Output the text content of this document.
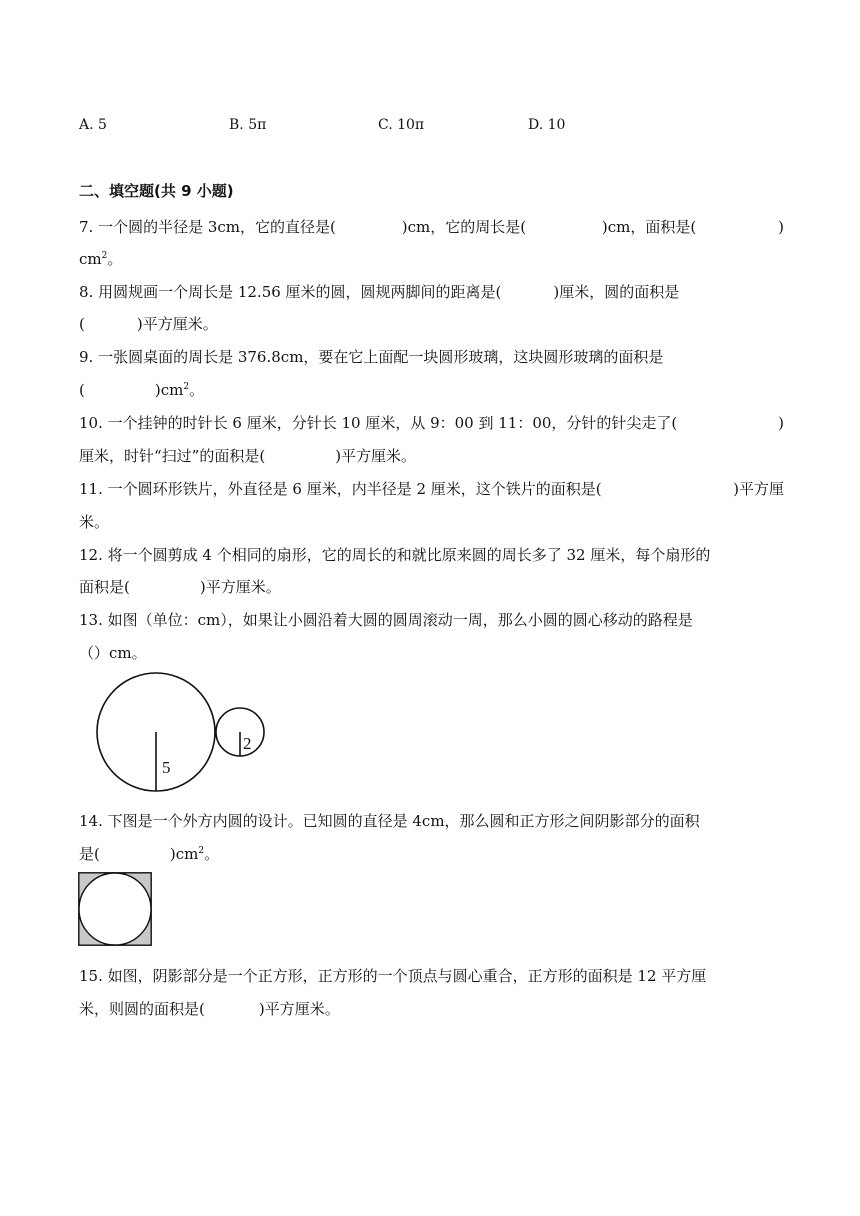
A. 5	B. 5π	C. 10π	D. 10
二、填空题(共 9 小题)
7. 一个圆的半径是 3cm，它的直径是(	)cm，它的周长是(	)cm，面积是(	)
$cm^2$。
8. 用圆规画一个周长是 12.56 厘米的圆，圆规两脚间的距离是(	)厘米，圆的面积是
(	)平方厘米。
9. 一张圆桌面的周长是 376.8cm，要在它上面配一块圆形玻璃，这块圆形玻璃的面积是
(	)$cm^2$。
10. 一个挂钟的时针长 6 厘米，分针长 10 厘米，从 9：00 到 11：00，分针的针尖走了(	)
厘米，时针“扫过”的面积是(	)平方厘米。
11. 一个圆环形铁片，外直径是 6 厘米，内半径是 2 厘米，这个铁片的面积是(	)平方厘
米。
12. 将一个圆剪成 4 个相同的扇形，它的周长的和就比原来圆的周长多了 32 厘米，每个扇形的
面积是(	)平方厘米。
13. 如图（单位：cm），如果让小圆沿着大圆的圆周滚动一周，那么小圆的圆心移动的路程是
（）cm。
5
2
14. 下图是一个外方内圆的设计。已知圆的直径是 4cm，那么圆和正方形之间阴影部分的面积
是(	)$cm^2$。
15. 如图，阴影部分是一个正方形，正方形的一个顶点与圆心重合，正方形的面积是 12 平方厘
米，则圆的面积是(	)平方厘米。
